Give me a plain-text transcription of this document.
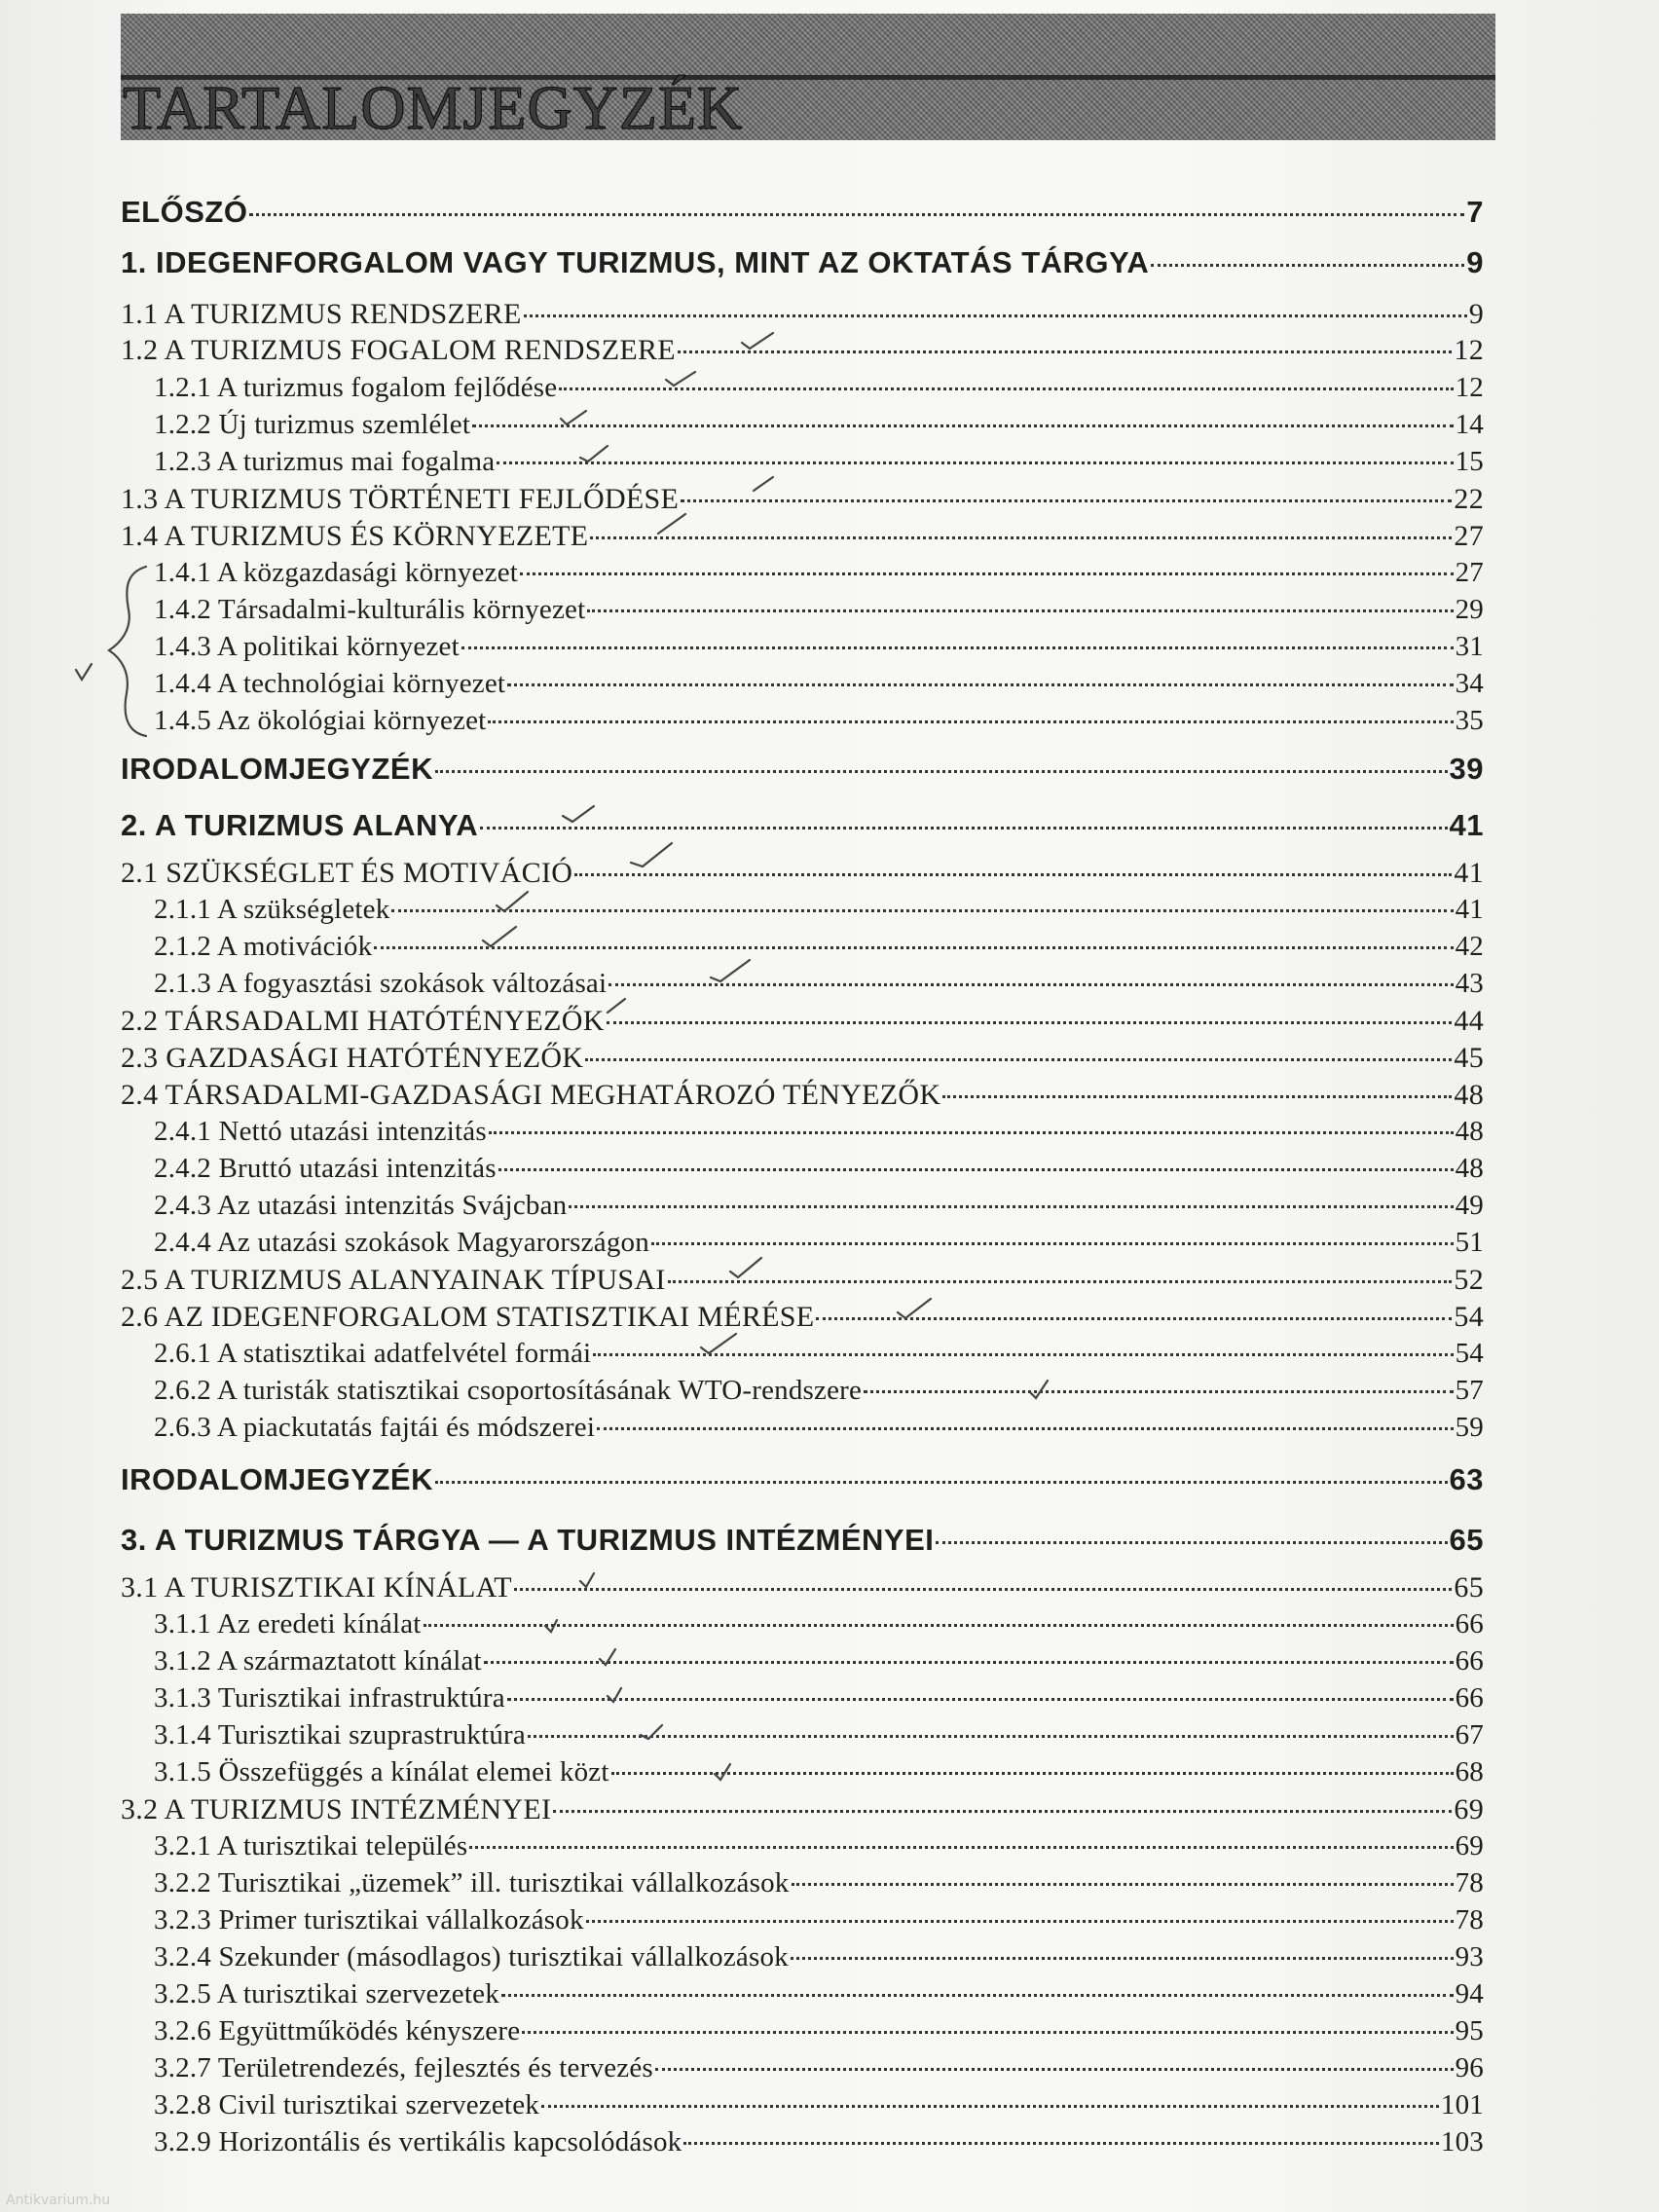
TARTALOMJEGYZÉK
ELŐSZÓ	7
1. IDEGENFORGALOM VAGY TURIZMUS, MINT AZ OKTATÁS TÁRGYA	9
1.1 A TURIZMUS RENDSZERE	9
1.2 A TURIZMUS FOGALOM RENDSZERE	12
1.2.1 A turizmus fogalom fejlődése	12
1.2.2 Új turizmus szemlélet	14
1.2.3 A turizmus mai fogalma	15
1.3 A TURIZMUS TÖRTÉNETI FEJLŐDÉSE	22
1.4 A TURIZMUS ÉS KÖRNYEZETE	27
1.4.1 A közgazdasági környezet	27
1.4.2 Társadalmi-kulturális környezet	29
1.4.3 A politikai környezet	31
1.4.4 A technológiai környezet	34
1.4.5 Az ökológiai környezet	35
IRODALOMJEGYZÉK	39
2. A TURIZMUS ALANYA	41
2.1 SZÜKSÉGLET ÉS MOTIVÁCIÓ	41
2.1.1 A szükségletek	41
2.1.2 A motivációk	42
2.1.3 A fogyasztási szokások változásai	43
2.2 TÁRSADALMI HATÓTÉNYEZŐK	44
2.3 GAZDASÁGI HATÓTÉNYEZŐK	45
2.4 TÁRSADALMI-GAZDASÁGI MEGHATÁROZÓ TÉNYEZŐK	48
2.4.1 Nettó utazási intenzitás	48
2.4.2 Bruttó utazási intenzitás	48
2.4.3 Az utazási intenzitás Svájcban	49
2.4.4 Az utazási szokások Magyarországon	51
2.5 A TURIZMUS ALANYAINAK TÍPUSAI	52
2.6 AZ IDEGENFORGALOM STATISZTIKAI MÉRÉSE	54
2.6.1 A statisztikai adatfelvétel formái	54
2.6.2 A turisták statisztikai csoportosításának WTO-rendszere	57
2.6.3 A piackutatás fajtái és módszerei	59
IRODALOMJEGYZÉK	63
3. A TURIZMUS TÁRGYA — A TURIZMUS INTÉZMÉNYEI	65
3.1 A TURISZTIKAI KÍNÁLAT	65
3.1.1 Az eredeti kínálat	66
3.1.2 A származtatott kínálat	66
3.1.3 Turisztikai infrastruktúra	66
3.1.4 Turisztikai szuprastruktúra	67
3.1.5 Összefüggés a kínálat elemei közt	68
3.2 A TURIZMUS INTÉZMÉNYEI	69
3.2.1 A turisztikai település	69
3.2.2 Turisztikai „üzemek” ill. turisztikai vállalkozások	78
3.2.3 Primer turisztikai vállalkozások	78
3.2.4 Szekunder (másodlagos) turisztikai vállalkozások	93
3.2.5 A turisztikai szervezetek	94
3.2.6 Együttműködés kényszere	95
3.2.7 Területrendezés, fejlesztés és tervezés	96
3.2.8 Civil turisztikai szervezetek	101
3.2.9 Horizontális és vertikális kapcsolódások	103
Antikvarium.hu
